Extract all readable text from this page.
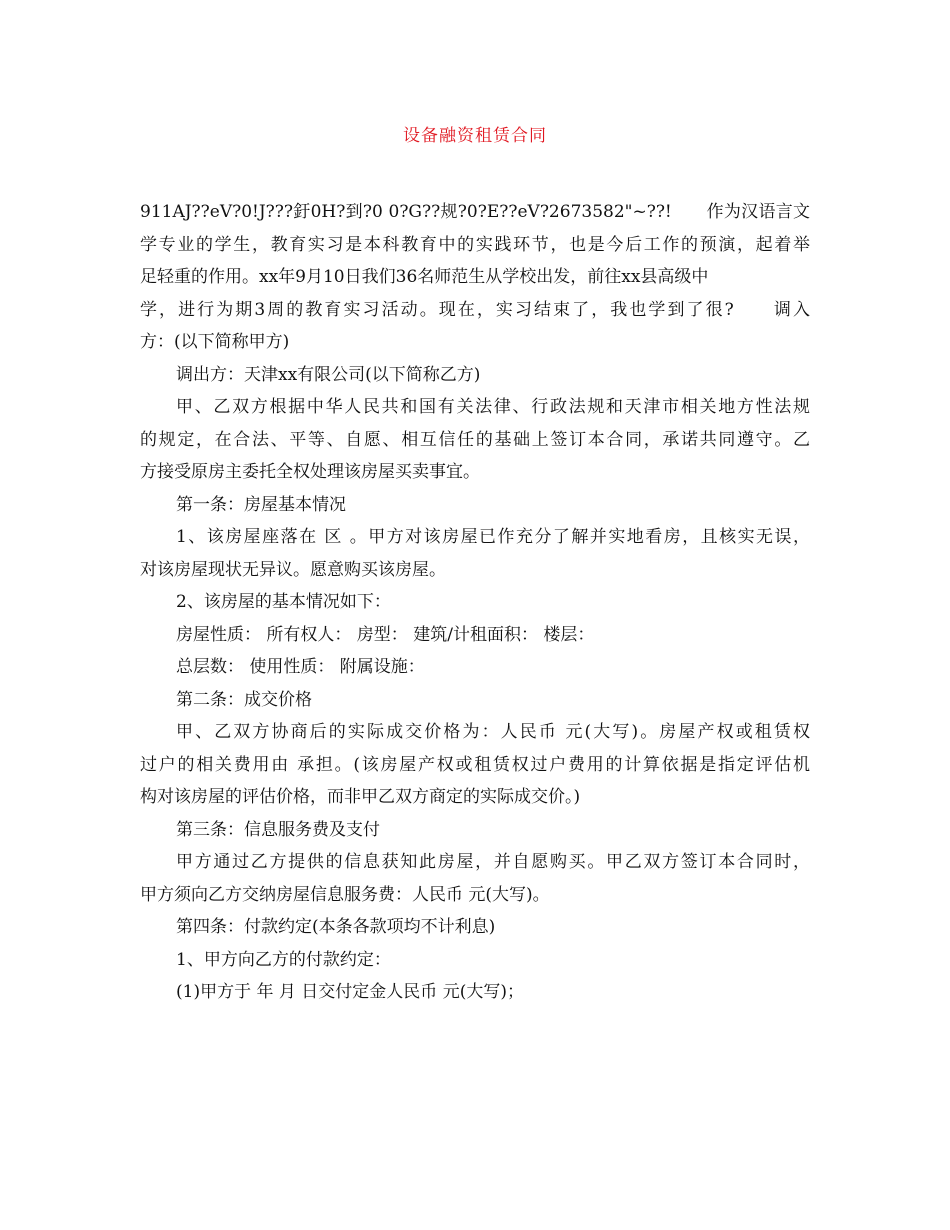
设备融资租赁合同
911AJ??eV?0!J???釪0H?到?0 0?G??规?0?E??eV?2673582"~??!　　作为汉语言文
学专业的学生，教育实习是本科教育中的实践环节，也是今后工作的预演，起着举
足轻重的作用。xx年9月10日我们36名师范生从学校出发，前往xx县高级中
学，进行为期3周的教育实习活动。现在，实习结束了，我也学到了很?　　调入
方：(以下简称甲方)
调出方：天津xx有限公司(以下简称乙方)
甲、乙双方根据中华人民共和国有关法律、行政法规和天津市相关地方性法规
的规定，在合法、平等、自愿、相互信任的基础上签订本合同，承诺共同遵守。乙
方接受原房主委托全权处理该房屋买卖事宜。
第一条：房屋基本情况
1、该房屋座落在 区 。甲方对该房屋已作充分了解并实地看房，且核实无误，
对该房屋现状无异议。愿意购买该房屋。
2、该房屋的基本情况如下：
房屋性质： 所有权人： 房型： 建筑/计租面积： 楼层：
总层数： 使用性质： 附属设施：
第二条：成交价格
甲、乙双方协商后的实际成交价格为：人民币 元(大写)。房屋产权或租赁权
过户的相关费用由 承担。(该房屋产权或租赁权过户费用的计算依据是指定评估机
构对该房屋的评估价格，而非甲乙双方商定的实际成交价。)
第三条：信息服务费及支付
甲方通过乙方提供的信息获知此房屋，并自愿购买。甲乙双方签订本合同时，
甲方须向乙方交纳房屋信息服务费：人民币 元(大写)。
第四条：付款约定(本条各款项均不计利息)
1、甲方向乙方的付款约定：
(1)甲方于 年 月 日交付定金人民币 元(大写)；
